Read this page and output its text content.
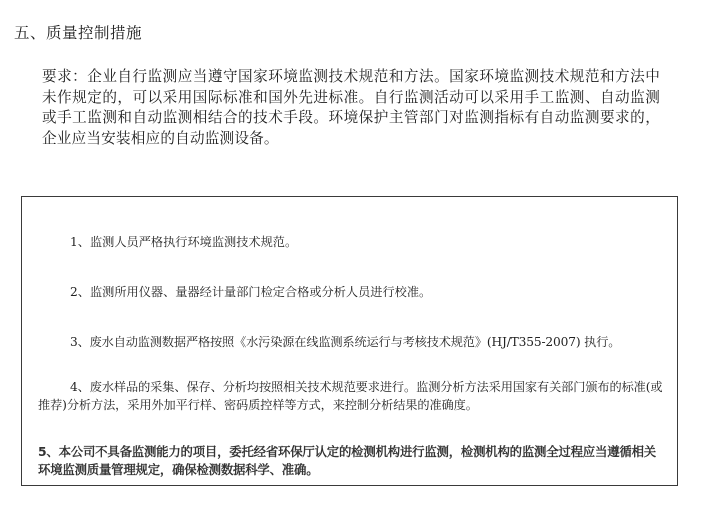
五、质量控制措施

要求：企业自行监测应当遵守国家环境监测技术规范和方法。国家环境监测技术规范和方法中未作规定的，可以采用国际标准和国外先进标准。自行监测活动可以采用手工监测、自动监测或手工监测和自动监测相结合的技术手段。环境保护主管部门对监测指标有自动监测要求的，企业应当安装相应的自动监测设备。

1、监测人员严格执行环境监测技术规范。

2、监测所用仪器、量器经计量部门检定合格或分析人员进行校准。

3、废水自动监测数据严格按照《水污染源在线监测系统运行与考核技术规范》(HJ/T355-2007) 执行。

4、废水样品的采集、保存、分析均按照相关技术规范要求进行。监测分析方法采用国家有关部门颁布的标准(或推荐)分析方法，采用外加平行样、密码质控样等方式，来控制分析结果的准确度。

5、本公司不具备监测能力的项目，委托经省环保厅认定的检测机构进行监测，检测机构的监测全过程应当遵循相关环境监测质量管理规定，确保检测数据科学、准确。
